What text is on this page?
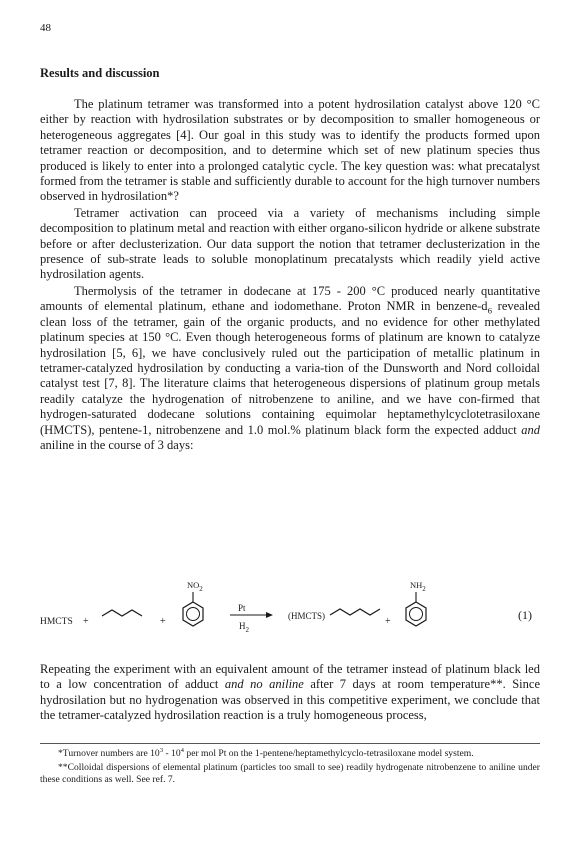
48
Results and discussion

The platinum tetramer was transformed into a potent hydrosilation catalyst above 120 °C either by reaction with hydrosilation substrates or by decomposition to smaller homogeneous or heterogeneous aggregates [4]. Our goal in this study was to identify the products formed upon tetramer reaction or decomposition, and to determine which set of new platinum species thus produced is likely to enter into a prolonged catalytic cycle. The key question was: what precatalyst formed from the tetramer is stable and sufficiently durable to account for the high turnover numbers observed in hydrosilation*?

Tetramer activation can proceed via a variety of mechanisms including simple decomposition to platinum metal and reaction with either organo-silicon hydride or alkene substrate before or after declusterization. Our data support the notion that tetramer declusterization in the presence of sub-strate leads to soluble monoplatinum precatalysts which readily yield active hydrosilation agents.

Thermolysis of the tetramer in dodecane at 175 - 200 °C produced nearly quantitative amounts of elemental platinum, ethane and iodomethane. Proton NMR in benzene-$d_6$ revealed clean loss of the tetramer, gain of the organic products, and no evidence for other methylated platinum species at 150 °C. Even though heterogeneous forms of platinum are known to catalyze hydrosilation [5, 6], we have conclusively ruled out the participation of metallic platinum in tetramer-catalyzed hydrosilation by conducting a varia-tion of the Dunsworth and Nord colloidal catalyst test [7, 8]. The literature claims that heterogeneous dispersions of platinum group metals readily catalyze the hydrogenation of nitrobenzene to aniline, and we have con-firmed that hydrogen-saturated dodecane solutions containing equimolar heptamethylcyclotetrasiloxane (HMCTS), pentene-1, nitrobenzene and 1.0 mol.% platinum black form the expected adduct and aniline in the course of 3 days:

HMCTS +	+
$NO_2$
Pt
$H_2$
(HMCTS)	+
$NH_2$
(1)

Repeating the experiment with an equivalent amount of the tetramer instead of platinum black led to a low concentration of adduct and no aniline after 7 days at room temperature**. Since hydrosilation but no hydrogenation was observed in this competitive experiment, we conclude that the tetramer-catalyzed hydrosilation reaction is a truly homogeneous process,

*Turnover numbers are $10^3 - 10^4$ per mol Pt on the 1-pentene/heptamethylcyclo-tetrasiloxane model system.

**Colloidal dispersions of elemental platinum (particles too small to see) readily hydrogenate nitrobenzene to aniline under these conditions as well. See ref. 7.
